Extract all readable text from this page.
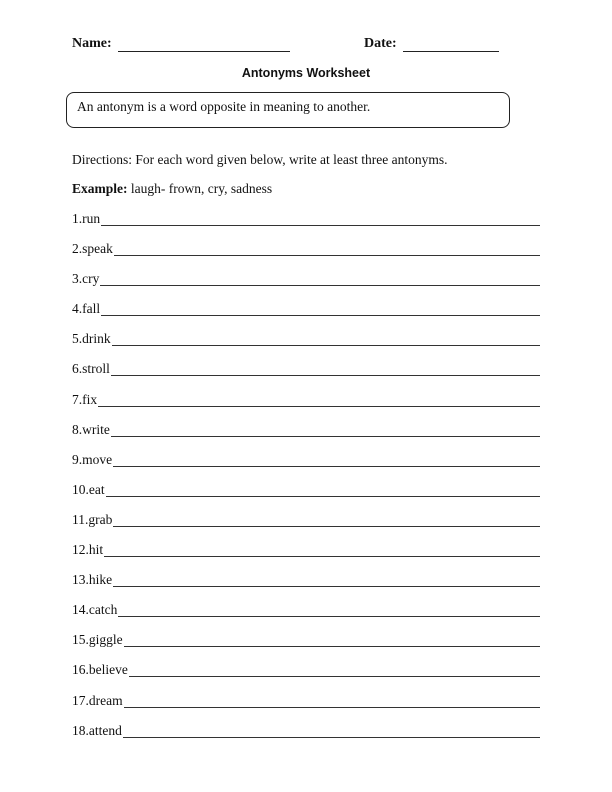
Name:	Date:
Antonyms Worksheet
An antonym is a word opposite in meaning to another.
Directions: For each word given below, write at least three antonyms.
Example: laugh- frown, cry, sadness
1. run
2. speak
3. cry
4. fall
5. drink
6. stroll
7. fix
8. write
9. move
10. eat
11. grab
12. hit
13. hike
14. catch
15. giggle
16. believe
17. dream
18. attend
